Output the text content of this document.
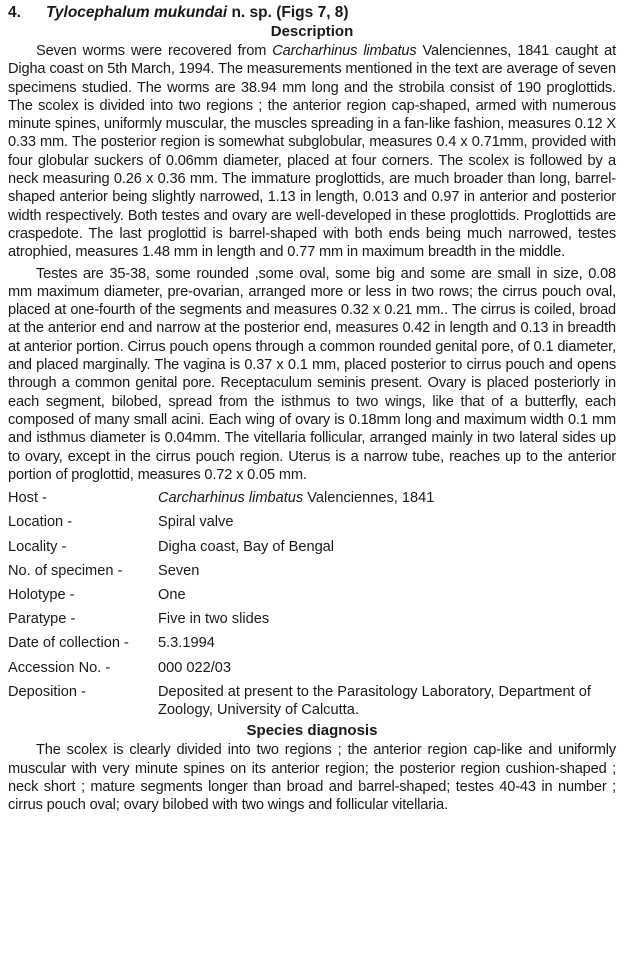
4. Tylocephalum mukundai n. sp. (Figs 7, 8)

Description

Seven worms were recovered from Carcharhinus limbatus Valenciennes, 1841 caught at Digha coast on 5th March, 1994. The measurements mentioned in the text are average of seven specimens studied. The worms are 38.94 mm long and the strobila consist of 190 proglottids. The scolex is divided into two regions ; the anterior region cap-shaped, armed with numerous minute spines, uniformly muscular, the muscles spreading in a fan-like fashion, measures 0.12 X 0.33 mm. The posterior region is somewhat subglobular, measures 0.4 x 0.71mm, provided with four globular suckers of 0.06mm diameter, placed at four corners. The scolex is followed by a neck measuring 0.26 x 0.36 mm. The immature proglottids, are much broader than long, barrel-shaped anterior being slightly narrowed, 1.13 in length, 0.013 and 0.97 in anterior and posterior width respectively. Both testes and ovary are well-developed in these proglottids. Proglottids are craspedote. The last proglottid is barrel-shaped with both ends being much narrowed, testes atrophied, measures 1.48 mm in length and 0.77 mm in maximum breadth in the middle.

Testes are 35-38, some rounded ,some oval, some big and some are small in size, 0.08 mm maximum diameter, pre-ovarian, arranged more or less in two rows; the cirrus pouch oval, placed at one-fourth of the segments and measures 0.32 x 0.21 mm.. The cirrus is coiled, broad at the anterior end and narrow at the posterior end, measures 0.42 in length and 0.13 in breadth at anterior portion. Cirrus pouch opens through a common rounded genital pore, of 0.1 diameter, and placed marginally. The vagina is 0.37 x 0.1 mm, placed posterior to cirrus pouch and opens through a common genital pore. Receptaculum seminis present. Ovary is placed posteriorly in each segment, bilobed, spread from the isthmus to two wings, like that of a butterfly, each composed of many small acini. Each wing of ovary is 0.18mm long and maximum width 0.1 mm and isthmus diameter is 0.04mm. The vitellaria follicular, arranged mainly in two lateral sides up to ovary, except in the cirrus pouch region. Uterus is a narrow tube, reaches up to the anterior portion of proglottid, measures 0.72 x 0.05 mm.

Host -	Carcharhinus limbatus Valenciennes, 1841
Location -	Spiral valve
Locality -	Digha coast, Bay of Bengal
No. of specimen -	Seven
Holotype -	One
Paratype -	Five in two slides
Date of collection -	5.3.1994
Accession No. -	000 022/03
Deposition -	Deposited at present to the Parasitology Laboratory, Department of Zoology, University of Calcutta.

Species diagnosis

The scolex is clearly divided into two regions ; the anterior region cap-like and uniformly muscular with very minute spines on its anterior region; the posterior region cushion-shaped ; neck short ; mature segments longer than broad and barrel-shaped; testes 40-43 in number ; cirrus pouch oval; ovary bilobed with two wings and follicular vitellaria.
